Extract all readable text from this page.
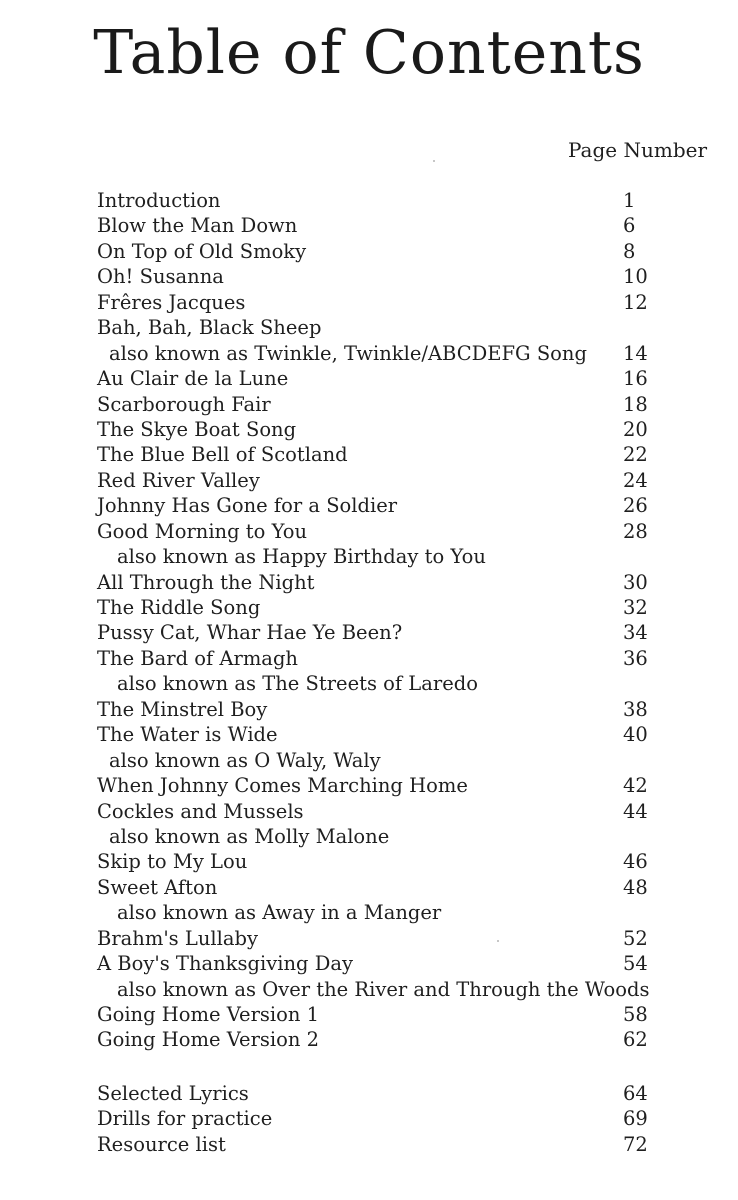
Table of Contents
Page Number
Introduction	1
Blow the Man Down	6
On Top of Old Smoky	8
Oh! Susanna	10
Frêres Jacques	12
Bah, Bah, Black Sheep
also known as Twinkle, Twinkle/ABCDEFG Song 14
Au Clair de la Lune	16
Scarborough Fair	18
The Skye Boat Song	20
The Blue Bell of Scotland	22
Red River Valley	24
Johnny Has Gone for a Soldier	26
Good Morning to You	28
also known as Happy Birthday to You
All Through the Night	30
The Riddle Song	32
Pussy Cat, Whar Hae Ye Been?	34
The Bard of Armagh	36
also known as The Streets of Laredo
The Minstrel Boy	38
The Water is Wide	40
also known as O Waly, Waly
When Johnny Comes Marching Home	42
Cockles and Mussels	44
also known as Molly Malone
Skip to My Lou	46
Sweet Afton	48
also known as Away in a Manger
Brahm's Lullaby	52
A Boy's Thanksgiving Day	54
also known as Over the River and Through the Woods
Going Home Version 1	58
Going Home Version 2	62
Selected Lyrics	64
Drills for practice	69
Resource list	72
